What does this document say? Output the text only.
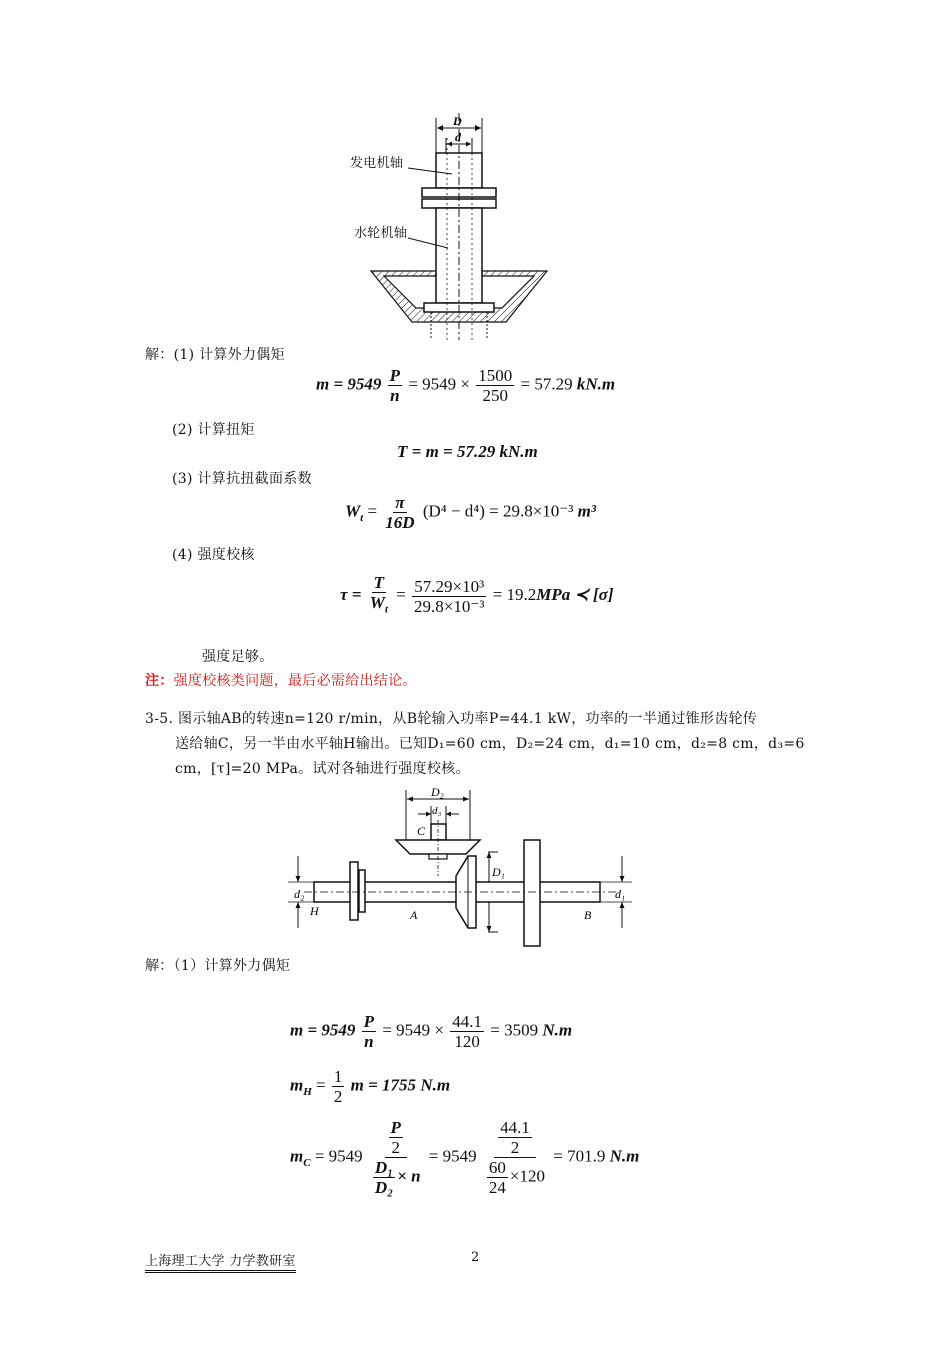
D
d
发电机轴
水轮机轴
解：(1) 计算外力偶矩
$m = 9549 \frac{P}{n} = 9549 \times \frac{1500}{250} = 57.29$ kN.m
(2) 计算扭矩
T = m = 57.29 kN.m
(3) 计算抗扭截面系数
$W_t = \frac{\pi}{16D} (D^4 - d^4) = 29.8\times 10^{-3}$ m³
(4) 强度校核
$\tau = \frac{T}{W_t} = \frac{\text{57.29×10³}}{\text{29.8×10⁻³}} = 19.2MPa$ ≺ [σ]
强度足够。
注：强度校核类问题，最后必需给出结论。
3-5. 图示轴AB的转速n=120 r/min，从B轮输入功率P=44.1 kW，功率的一半通过锥形齿轮传
送给轴C，另一半由水平轴H输出。已知D₁=60 cm，D₂=24 cm，d₁=10 cm，d₂=8 cm，d₃=6
cm，[τ]=20 MPa。试对各轴进行强度校核。
D₂
d₃
C
D₁
d₂
H	A	B
d₁
解：（1）计算外力偶矩
$m = 9549 \frac{P}{n} = 9549 \times \frac{44.1}{120} = 3509$ N.m
$m_H = \frac{1}{2}$ m = 1755 N.m
$m_C = 9549 \frac{\frac{P}{2}}{\frac{\text{D₁}}{\text{D₂}} \times n} = 9549 \frac{\frac{44.1}{2}}{\frac{60}{24} \times 120} = 701.9$ N.m
上海理工大学 力学教研室	2
